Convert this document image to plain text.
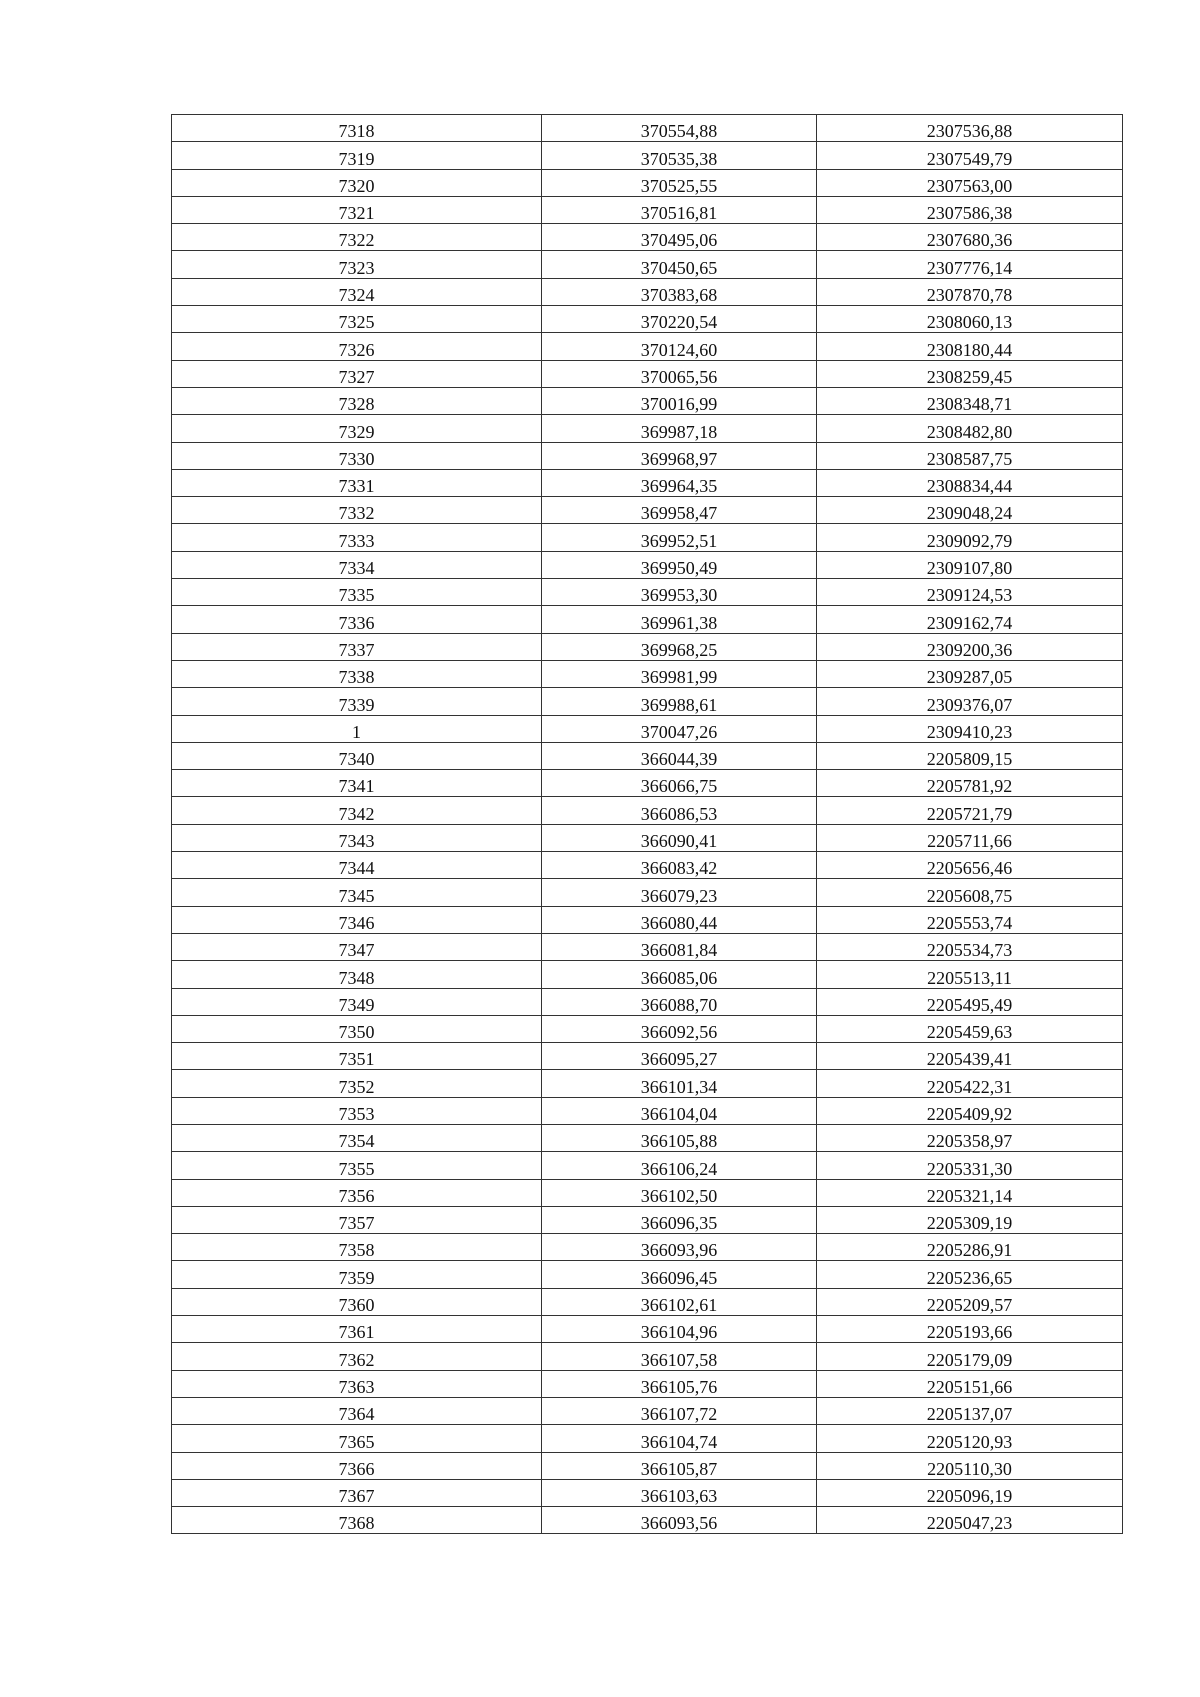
7318	370554,88	2307536,88
7319	370535,38	2307549,79
7320	370525,55	2307563,00
7321	370516,81	2307586,38
7322	370495,06	2307680,36
7323	370450,65	2307776,14
7324	370383,68	2307870,78
7325	370220,54	2308060,13
7326	370124,60	2308180,44
7327	370065,56	2308259,45
7328	370016,99	2308348,71
7329	369987,18	2308482,80
7330	369968,97	2308587,75
7331	369964,35	2308834,44
7332	369958,47	2309048,24
7333	369952,51	2309092,79
7334	369950,49	2309107,80
7335	369953,30	2309124,53
7336	369961,38	2309162,74
7337	369968,25	2309200,36
7338	369981,99	2309287,05
7339	369988,61	2309376,07
1	370047,26	2309410,23
7340	366044,39	2205809,15
7341	366066,75	2205781,92
7342	366086,53	2205721,79
7343	366090,41	2205711,66
7344	366083,42	2205656,46
7345	366079,23	2205608,75
7346	366080,44	2205553,74
7347	366081,84	2205534,73
7348	366085,06	2205513,11
7349	366088,70	2205495,49
7350	366092,56	2205459,63
7351	366095,27	2205439,41
7352	366101,34	2205422,31
7353	366104,04	2205409,92
7354	366105,88	2205358,97
7355	366106,24	2205331,30
7356	366102,50	2205321,14
7357	366096,35	2205309,19
7358	366093,96	2205286,91
7359	366096,45	2205236,65
7360	366102,61	2205209,57
7361	366104,96	2205193,66
7362	366107,58	2205179,09
7363	366105,76	2205151,66
7364	366107,72	2205137,07
7365	366104,74	2205120,93
7366	366105,87	2205110,30
7367	366103,63	2205096,19
7368	366093,56	2205047,23
